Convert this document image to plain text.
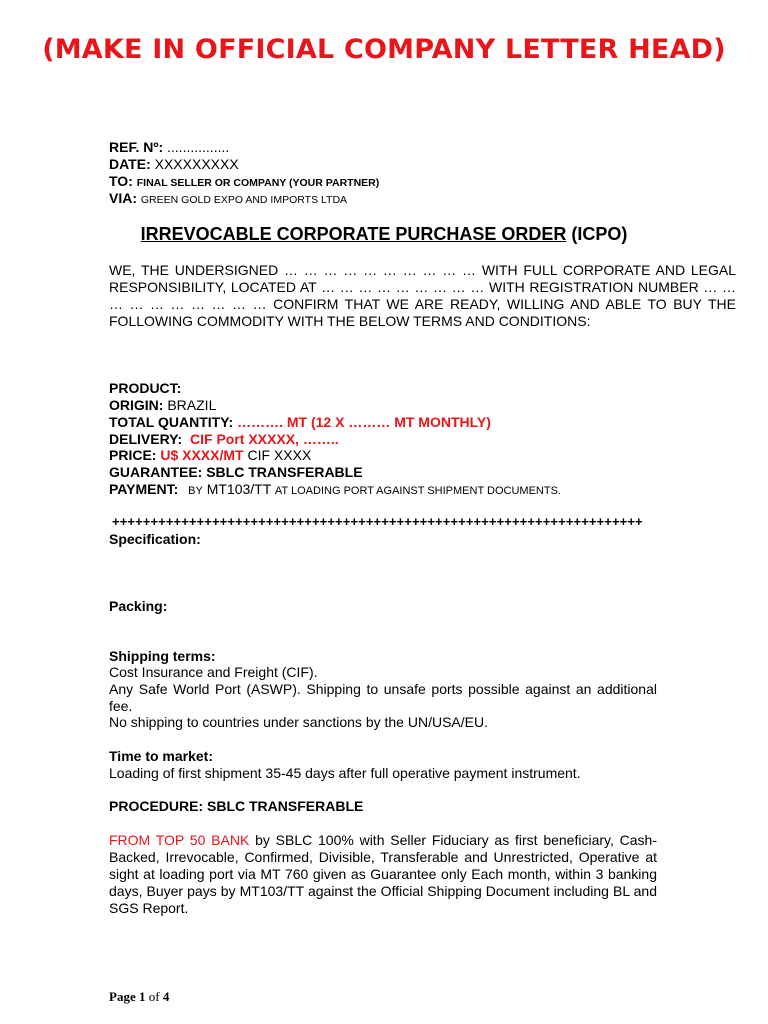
(MAKE IN OFFICIAL COMPANY LETTER HEAD)
REF. Nº: ................
DATE: XXXXXXXXX
TO: FINAL SELLER OR COMPANY (YOUR PARTNER)
VIA: GREEN GOLD EXPO AND IMPORTS LTDA
IRREVOCABLE CORPORATE PURCHASE ORDER (ICPO)
WE, THE UNDERSIGNED … … … … … … … … … … WITH FULL CORPORATE AND LEGAL RESPONSIBILITY, LOCATED AT … … … … … … … … … WITH REGISTRATION NUMBER … … … … … … … … … … CONFIRM THAT WE ARE READY, WILLING AND ABLE TO BUY THE FOLLOWING COMMODITY WITH THE BELOW TERMS AND CONDITIONS:
PRODUCT:
ORIGIN: BRAZIL
TOTAL QUANTITY: ………. MT (12 X ……… MT MONTHLY)
DELIVERY: CIF Port XXXXX, ……..
PRICE: U$ XXXX/MT CIF XXXX
GUARANTEE: SBLC TRANSFERABLE
PAYMENT: BY MT103/TT AT LOADING PORT AGAINST SHIPMENT DOCUMENTS.
+++++++++++++++++++++++++++++++++++++++++++++++++++++++++++++++++++++
Specification:
Packing:
Shipping terms:
Cost Insurance and Freight (CIF).
Any Safe World Port (ASWP). Shipping to unsafe ports possible against an additional fee.
No shipping to countries under sanctions by the UN/USA/EU.
Time to market:
Loading of first shipment 35-45 days after full operative payment instrument.
PROCEDURE: SBLC TRANSFERABLE
FROM TOP 50 BANK by SBLC 100% with Seller Fiduciary as first beneficiary, Cash-Backed, Irrevocable, Confirmed, Divisible, Transferable and Unrestricted, Operative at sight at loading port via MT 760 given as Guarantee only Each month, within 3 banking days, Buyer pays by MT103/TT against the Official Shipping Document including BL and SGS Report.
Page 1 of 4
